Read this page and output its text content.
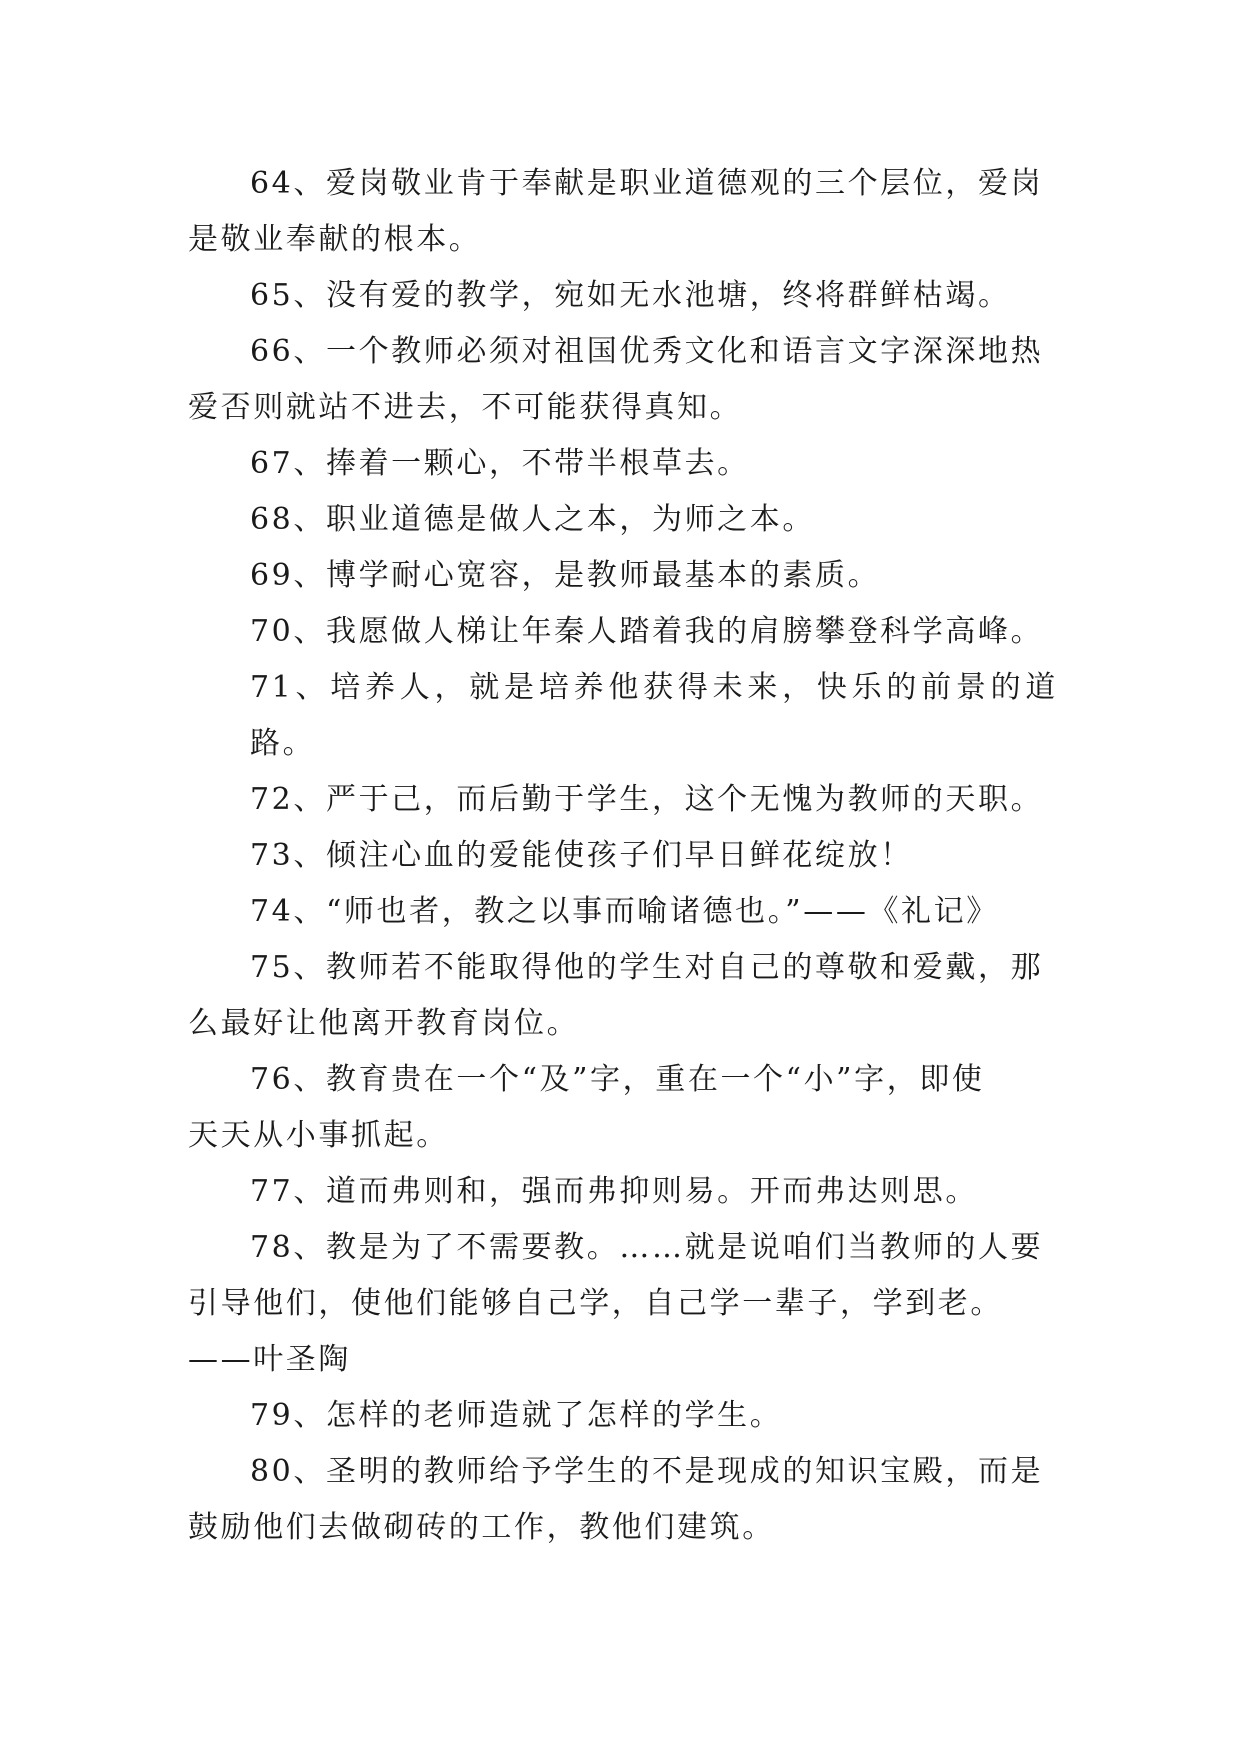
64、爱岗敬业肯于奉献是职业道德观的三个层位，爱岗
是敬业奉献的根本。

65、没有爱的教学，宛如无水池塘，终将群鲜枯竭。

66、一个教师必须对祖国优秀文化和语言文字深深地热
爱否则就站不进去，不可能获得真知。

67、捧着一颗心，不带半根草去。

68、职业道德是做人之本，为师之本。

69、博学耐心宽容，是教师最基本的素质。

70、我愿做人梯让年秦人踏着我的肩膀攀登科学高峰。

71、培养人，就是培养他获得未来，快乐的前景的道路。

72、严于己，而后勤于学生，这个无愧为教师的天职。

73、倾注心血的爱能使孩子们早日鲜花绽放！

74、“师也者，教之以事而喻诸德也。”——《礼记》

75、教师若不能取得他的学生对自己的尊敬和爱戴，那
么最好让他离开教育岗位。

76、教育贵在一个“及”字，重在一个“小”字，即使
天天从小事抓起。

77、道而弗则和，强而弗抑则易。开而弗达则思。

78、教是为了不需要教。……就是说咱们当教师的人要
引导他们，使他们能够自己学，自己学一辈子，学到老。
——叶圣陶

79、怎样的老师造就了怎样的学生。

80、圣明的教师给予学生的不是现成的知识宝殿，而是
鼓励他们去做砌砖的工作，教他们建筑。
